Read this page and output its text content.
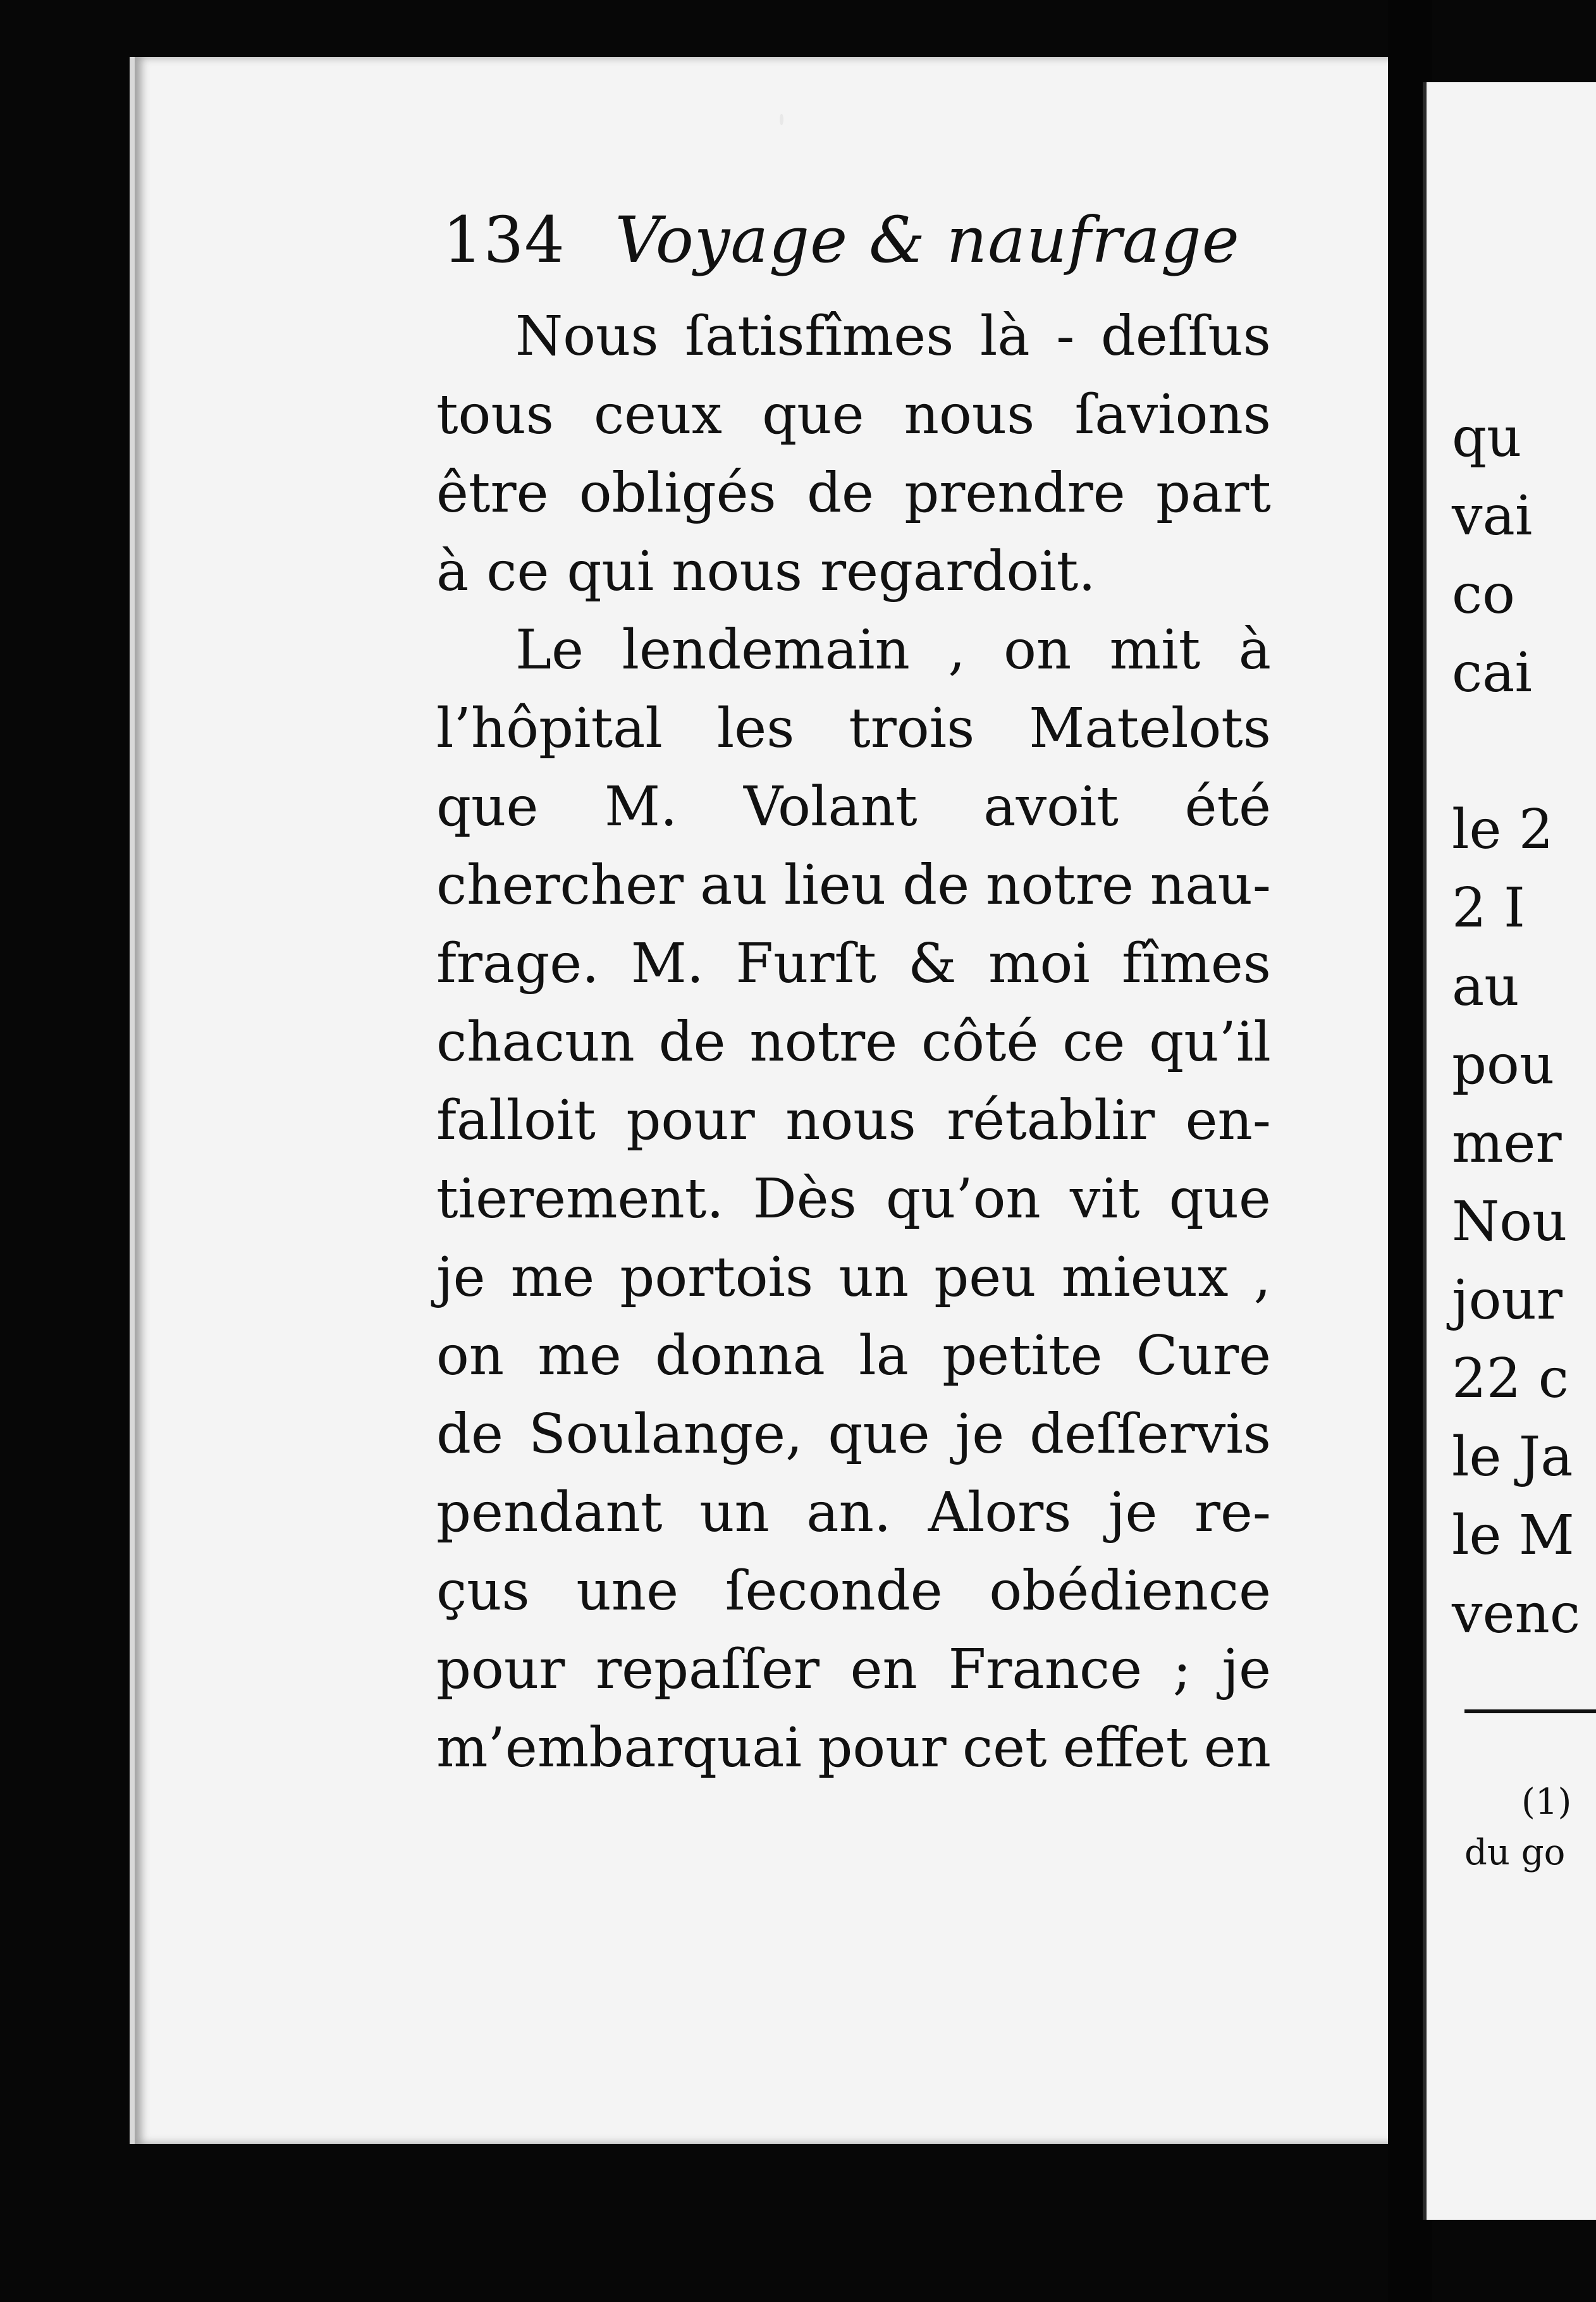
qu
vai
co
cai
le 2
2 I
au
pou
mer
Nou
jour
22 c
le Ja
le M
venc
(1)
du go
134 Voyage & naufrage
Nous ſatisfîmes là - deſſus
tous ceux que nous ſavions
être obligés de prendre part
à ce qui nous regardoit.
Le lendemain , on mit à
l’hôpital les trois Matelots
que M. Volant avoit été
chercher au lieu de notre nau-
frage. M. Furſt & moi fîmes
chacun de notre côté ce qu’il
falloit pour nous rétablir en-
tierement. Dès qu’on vit que
je me portois un peu mieux ,
on me donna la petite Cure
de Soulange, que je deſſervis
pendant un an. Alors je re-
çus une ſeconde obédience
pour repaſſer en France ; je
m’embarquai pour cet effet en
